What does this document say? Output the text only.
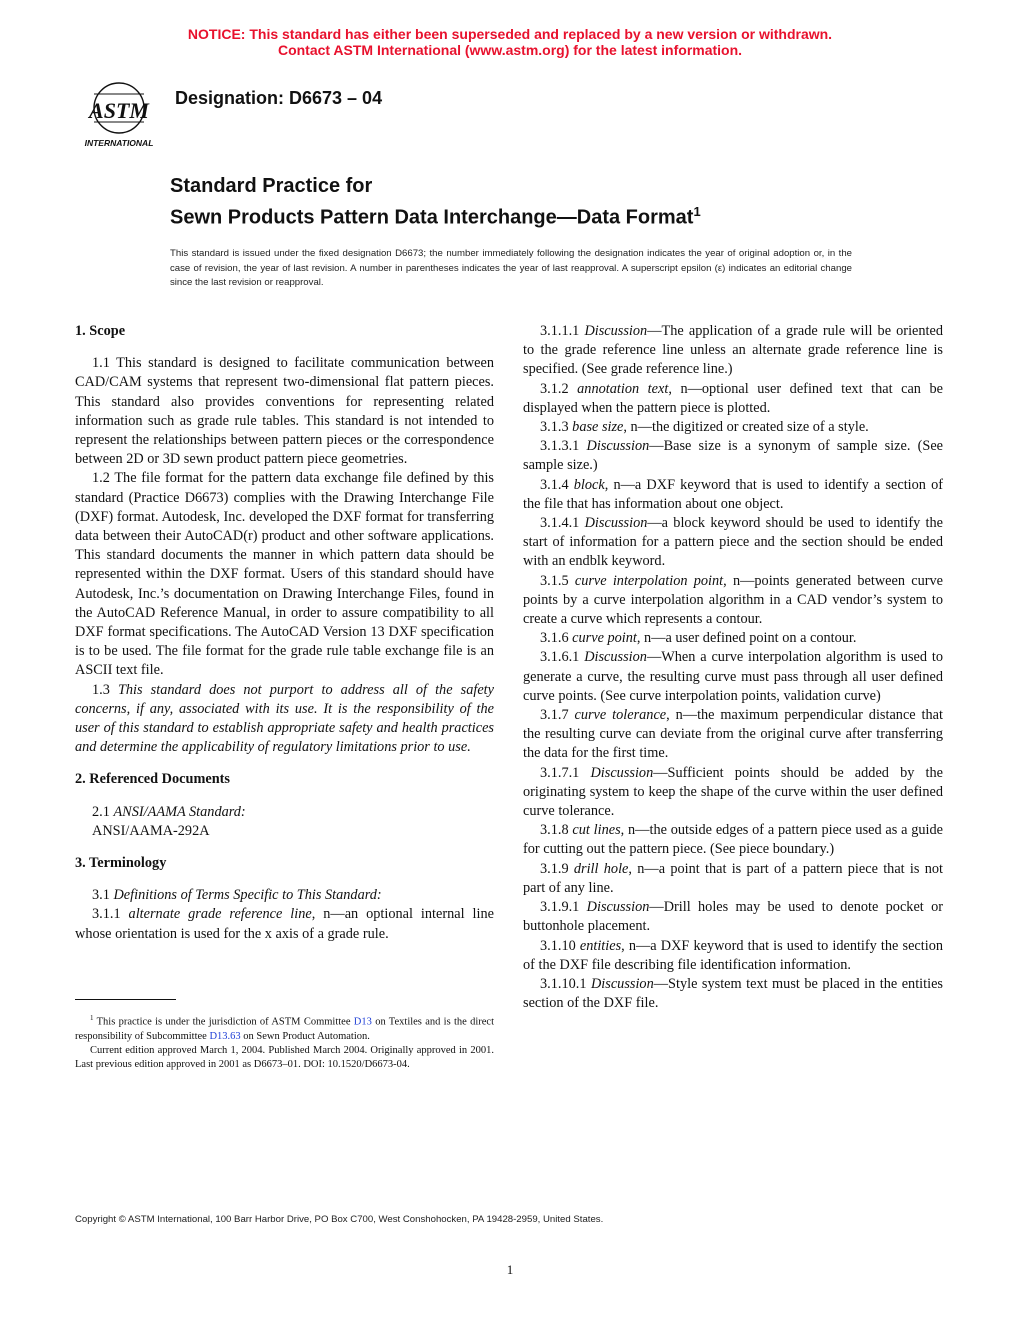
NOTICE: This standard has either been superseded and replaced by a new version or withdrawn.
Contact ASTM International (www.astm.org) for the latest information.
ASTM
INTERNATIONAL
Designation: D6673 – 04
Standard Practice for
Sewn Products Pattern Data Interchange—Data Format$^1$
This standard is issued under the fixed designation D6673; the number immediately following the designation indicates the year of original adoption or, in the case of revision, the year of last revision. A number in parentheses indicates the year of last reapproval. A superscript epsilon (ε) indicates an editorial change since the last revision or reapproval.
1. Scope

1.1 This standard is designed to facilitate communication between CAD/CAM systems that represent two-dimensional flat pattern pieces. This standard also provides conventions for representing related information such as grade rule tables. This standard is not intended to represent the relationships between pattern pieces or the correspondence between 2D or 3D sewn product pattern piece geometries.

1.2 The file format for the pattern data exchange file defined by this standard (Practice D6673) complies with the Drawing Interchange File (DXF) format. Autodesk, Inc. developed the DXF format for transferring data between their AutoCAD(r) product and other software applications. This standard documents the manner in which pattern data should be represented within the DXF format. Users of this standard should have Autodesk, Inc.’s documentation on Drawing Interchange Files, found in the AutoCAD Reference Manual, in order to assure compatibility to all DXF format specifications. The AutoCAD Version 13 DXF specification is to be used. The file format for the grade rule table exchange file is an ASCII text file.

1.3 This standard does not purport to address all of the safety concerns, if any, associated with its use. It is the responsibility of the user of this standard to establish appropriate safety and health practices and determine the applicability of regulatory limitations prior to use.

2. Referenced Documents

2.1 ANSI/AAMA Standard:

ANSI/AAMA-292A

3. Terminology

3.1 Definitions of Terms Specific to This Standard:

3.1.1 alternate grade reference line, n—an optional internal line whose orientation is used for the x axis of a grade rule.

$^1$ This practice is under the jurisdiction of ASTM Committee D13 on Textiles and is the direct responsibility of Subcommittee D13.63 on Sewn Product Automation.

Current edition approved March 1, 2004. Published March 2004. Originally approved in 2001. Last previous edition approved in 2001 as D6673–01. DOI: 10.1520/D6673-04.

3.1.1.1 Discussion—The application of a grade rule will be oriented to the grade reference line unless an alternate grade reference line is specified. (See grade reference line.)

3.1.2 annotation text, n—optional user defined text that can be displayed when the pattern piece is plotted.

3.1.3 base size, n—the digitized or created size of a style.

3.1.3.1 Discussion—Base size is a synonym of sample size. (See sample size.)

3.1.4 block, n—a DXF keyword that is used to identify a section of the file that has information about one object.

3.1.4.1 Discussion—a block keyword should be used to identify the start of information for a pattern piece and the section should be ended with an endblk keyword.

3.1.5 curve interpolation point, n—points generated between curve points by a curve interpolation algorithm in a CAD vendor’s system to create a curve which represents a contour.

3.1.6 curve point, n—a user defined point on a contour.

3.1.6.1 Discussion—When a curve interpolation algorithm is used to generate a curve, the resulting curve must pass through all user defined curve points. (See curve interpolation points, validation curve)

3.1.7 curve tolerance, n—the maximum perpendicular distance that the resulting curve can deviate from the original curve after transferring the data for the first time.

3.1.7.1 Discussion—Sufficient points should be added by the originating system to keep the shape of the curve within the user defined curve tolerance.

3.1.8 cut lines, n—the outside edges of a pattern piece used as a guide for cutting out the pattern piece. (See piece boundary.)

3.1.9 drill hole, n—a point that is part of a pattern piece that is not part of any line.

3.1.9.1 Discussion—Drill holes may be used to denote pocket or buttonhole placement.

3.1.10 entities, n—a DXF keyword that is used to identify the section of the DXF file describing file identification information.

3.1.10.1 Discussion—Style system text must be placed in the entities section of the DXF file.

Copyright © ASTM International, 100 Barr Harbor Drive, PO Box C700, West Conshohocken, PA 19428-2959, United States.
1
